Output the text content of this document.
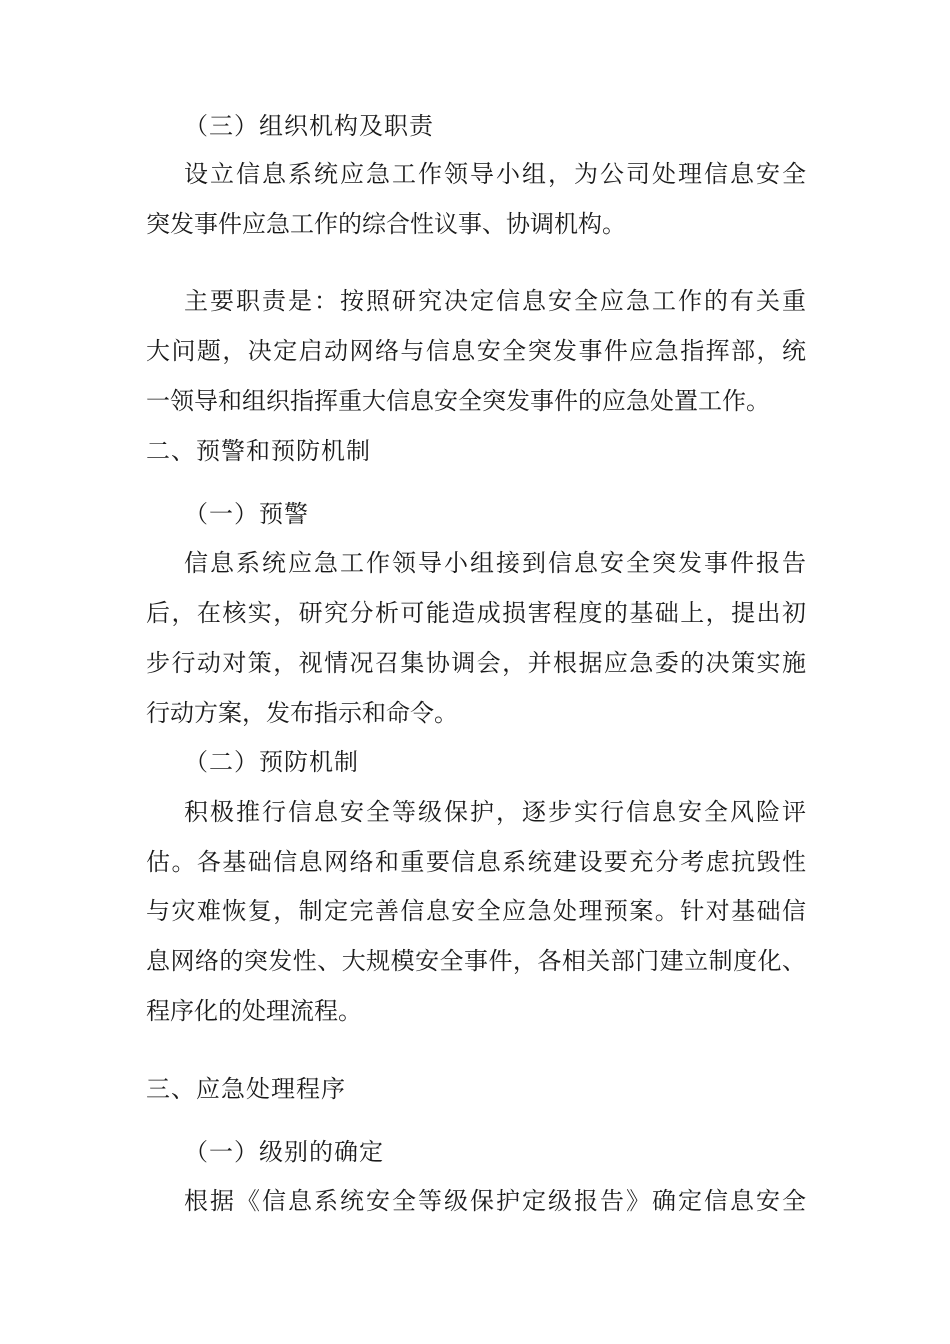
（三）组织机构及职责
设立信息系统应急工作领导小组，为公司处理信息安全
突发事件应急工作的综合性议事、协调机构。
主要职责是：按照研究决定信息安全应急工作的有关重
大问题，决定启动网络与信息安全突发事件应急指挥部，统
一领导和组织指挥重大信息安全突发事件的应急处置工作。
二、预警和预防机制
（一）预警
信息系统应急工作领导小组接到信息安全突发事件报告
后，在核实，研究分析可能造成损害程度的基础上，提出初
步行动对策，视情况召集协调会，并根据应急委的决策实施
行动方案，发布指示和命令。
（二）预防机制
积极推行信息安全等级保护，逐步实行信息安全风险评
估。各基础信息网络和重要信息系统建设要充分考虑抗毁性
与灾难恢复，制定完善信息安全应急处理预案。针对基础信
息网络的突发性、大规模安全事件，各相关部门建立制度化、
程序化的处理流程。
三、应急处理程序
（一）级别的确定
根据《信息系统安全等级保护定级报告》确定信息安全
